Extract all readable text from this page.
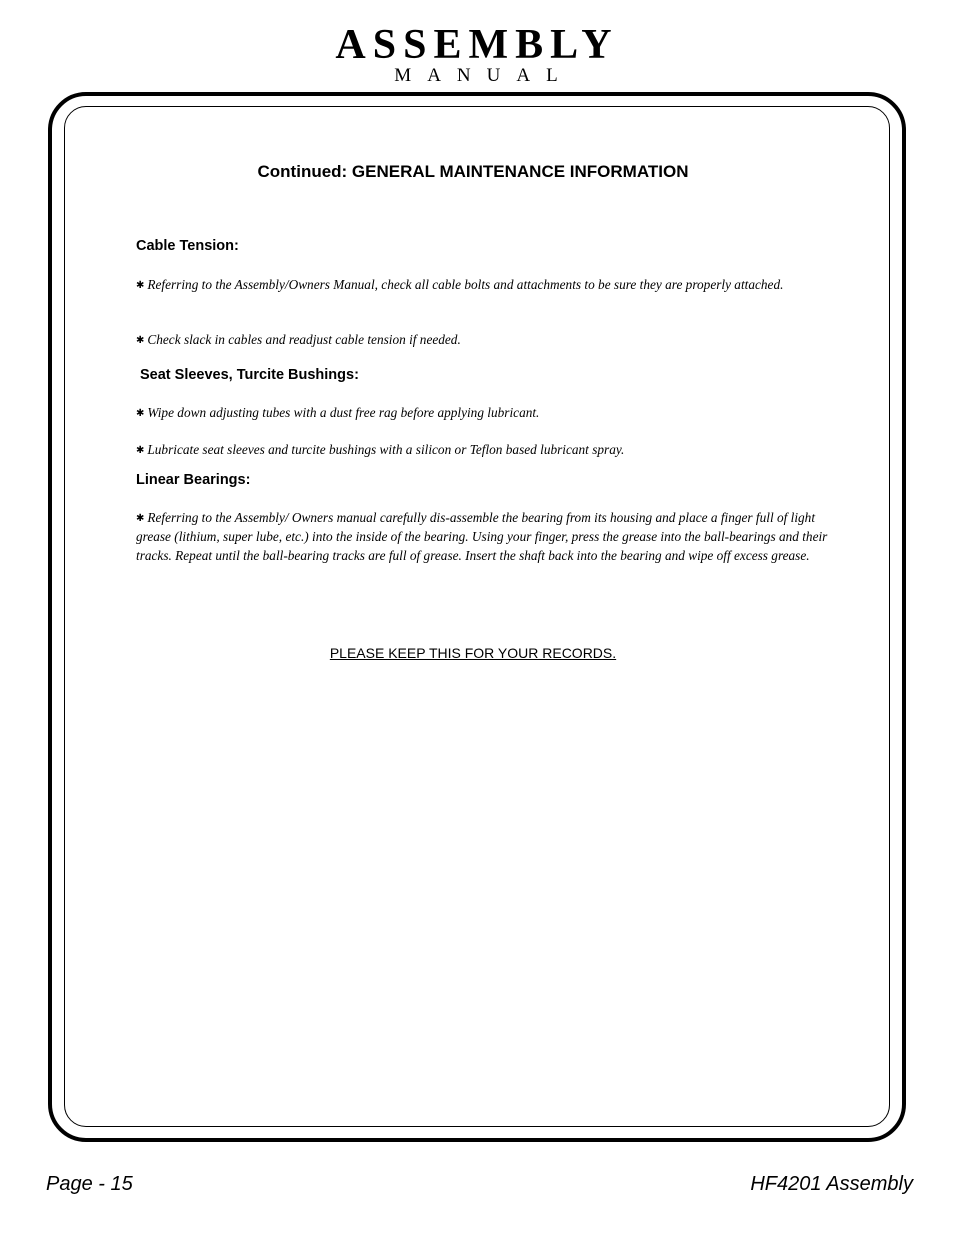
ASSEMBLY
MANUAL
Continued: GENERAL MAINTENANCE INFORMATION
Cable Tension:
✱ Referring to the Assembly/Owners Manual, check all cable bolts and attachments to be sure they are properly attached.
✱ Check slack in cables and readjust cable tension if needed.
Seat Sleeves, Turcite Bushings:
✱ Wipe down adjusting tubes with a dust free rag before applying lubricant.
✱ Lubricate seat sleeves and turcite bushings with a silicon or Teflon based lubricant spray.
Linear Bearings:
✱ Referring to the Assembly/ Owners manual carefully dis-assemble the bearing from its housing and place a finger full of light grease (lithium, super lube, etc.) into the inside of the bearing. Using your finger, press the grease into the ball-bearings and their tracks. Repeat until the ball-bearing tracks are full of grease. Insert the shaft back into the bearing and wipe off excess grease.
PLEASE KEEP THIS FOR YOUR RECORDS.
Page - 15	HF4201 Assembly
